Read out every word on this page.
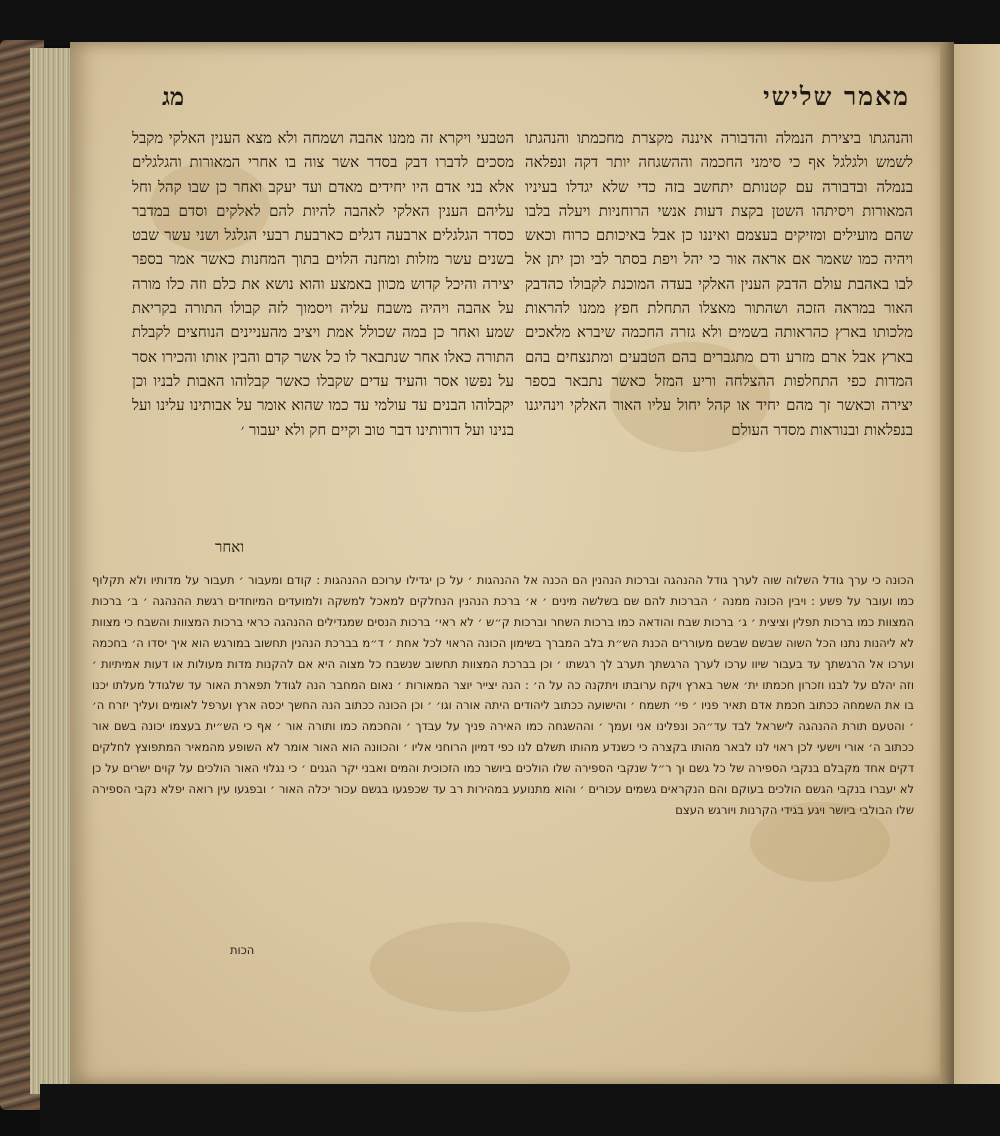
מאמר שלישי
מג

והנהגתו ביצירת הנמלה והדבורה איננה מקצרת מחכמתו והנהגתו לשמש ולגלגל אף כי סימני החכמה וההשגחה יותר דקה ונפלאה בנמלה ובדבורה עם קטנותם יתחשב בזה כדי שלא יגדלו בעיניו המאורות ויסיתהו השטן בקצת דעות אנשי הרוחניות ויעלה בלבו שהם מועילים ומזיקים בעצמם ואיננו כן אבל באיכותם כרוח וכאש ויהיה כמו שאמר אם אראה אור כי יהל ויפת בסתר לבי וכן יתן אל לבו באהבת עולם הדבק הענין האלקי בעדה המוכנת לקבולו כהדבק האור במראה הזכה ושהתור מאצלו התחלת חפץ ממנו להראות מלכותו בארץ כהראותה בשמים ולא גזרה החכמה שיברא מלאכים בארץ אבל ארם מזרע ודם מתגברים בהם הטבעים ומתנצחים בהם המדות כפי התחלפות ההצלחה וריע המזל כאשר נתבאר בספר יצירה וכאשר זך מהם יחיד או קהל יחול עליו האור האלקי וינהיגנו בנפלאות ובנוראות מסדר העולם

הטבעי ויקרא זה ממנו אהבה ושמחה ולא מצא הענין האלקי מקבל מסכים לדברו דבק בסדר אשר צוה בו אחרי המאורות והגלגלים אלא בני אדם היו יחידים מאדם ועד יעקב ואחר כן שבו קהל וחל עליהם הענין האלקי לאהבה להיות להם לאלקים וסדם במדבר כסדר הגלגלים ארבעה דגלים כארבעת רבעי הגלגל ושני עשר שבט בשנים עשר מזלות ומחנה הלוים בתוך המחנות כאשר אמר בספר יצירה והיכל קדוש מכוון באמצע והוא נושא את כלם וזה כלו מורה על אהבה ויהיה משבח עליה ויסמוך לזה קבולו התורה בקריאת שמע ואחר כן במה שכולל אמת ויציב מהעניינים הנוחצים לקבלת התורה כאלו אחר שנתבאר לו כל אשר קדם והבין אותו והכירו אסר על נפשו אסר והעיד עדים שקבלו כאשר קבלוהו האבות לבניו וכן יקבלוהו הבנים עד עולמי עד כמו שהוא אומר על אבותינו עלינו ועל בנינו ועל דורותינו דבר טוב וקיים חק ולא יעבור ׳

ואחר

הכונה כי ערך גודל השלוה שוה לערך גודל ההנהגה וברכות הנהנין הם הכנה אל ההנהגות ׳ על כן יגדילו ערוכם ההנהגות : קודם ומעבור ׳ תעבור על מדותיו ולא תקלוף כמו ועובר על פשע : ויבין הכונה ממנה ׳ הברכות להם שם בשלשה מינים ׳ א׳ ברכת הנהנין הנחלקים למאכל למשקה ולמועדים המיוחדים רגשת ההנהגה ׳ ב׳ ברכות המצוות כמו ברכות תפלין וציצית ׳ ג׳ ברכות שבח והודאה כמו ברכות השחר וברכות ק״ש ׳ לא ראי׳ ברכות הנסים שמגדילים ההנהגה כראי ברכות המצוות והשבח כי מצוות לא ליהנות נתנו הכל השוה שבשם שבשם מעוררים הכנת הש״ת בלב המברך בשימון הכונה הראוי לכל אחת ׳ ד״מ בברכת הנהנין תחשוב במורגש הוא איך יסדו ה׳ בחכמה וערכו אל הרגשתך עד בעבור שיוו ערכו לערך הרגשתך תערב לך רגשתו ׳ וכן בברכת המצוות תחשוב שנשבח כל מצוה היא אם להקנות מדות מעולות או דעות אמיתיות ׳ וזה יהלם על לבנו וזכרון חכמתו ית׳ אשר בארץ ויקח ערובתו ויתקנה כה על ה׳ : הנה יצייר יוצר המאורות ׳ נאום המחבר הנה לגודל תפארת האור עד שלגודל מעלתו יכנו בו את השמחה ככתוב חכמת אדם תאיר פניו ׳ פי׳ תשמח ׳ והישועה ככתוב ליהודים היתה אורה וגו׳ ׳ וכן הכונה ככתוב הנה החשך יכסה ארץ וערפל לאומים ועליך יזרח ה׳ ׳ והטעם תורת ההנהגה לישראל לבד עד״הכ ונפלינו אני ועמך ׳ וההשגחה כמו האירה פניך על עבדך ׳ והחכמה כמו ותורה אור ׳ אף כי הש״ית בעצמו יכונה בשם אור ככתוב ה׳ אורי וישעי לכן ראוי לנו לבאר מהותו בקצרה כי כשנדע מהותו תשלם לנו כפי דמיון הרוחני אליו ׳ והכוונה הוא האור אומר לא השופע מהמאיר המתפוצץ לחלקים דקים אחד מקבלם בנקבי הספירה של כל גשם וך ר״ל שנקבי הספירה שלו הולכים ביושר כמו הזכוכית והמים ואבני יקר הגנים ׳ כי נגלוי האור הולכים על קוים ישרים על כן לא יעברו בנקבי הגשם הולכים בעוקם והם הנקראים גשמים עכורים ׳ והוא מתנועע במהירות רב עד שכפגעו בגשם עכור יכלה האור ׳ ובפגעו עין רואה יפלא נקבי הספירה שלו הבולבי ביושר ויגע בגידי הקרנות ויורגש העצם

הכות
